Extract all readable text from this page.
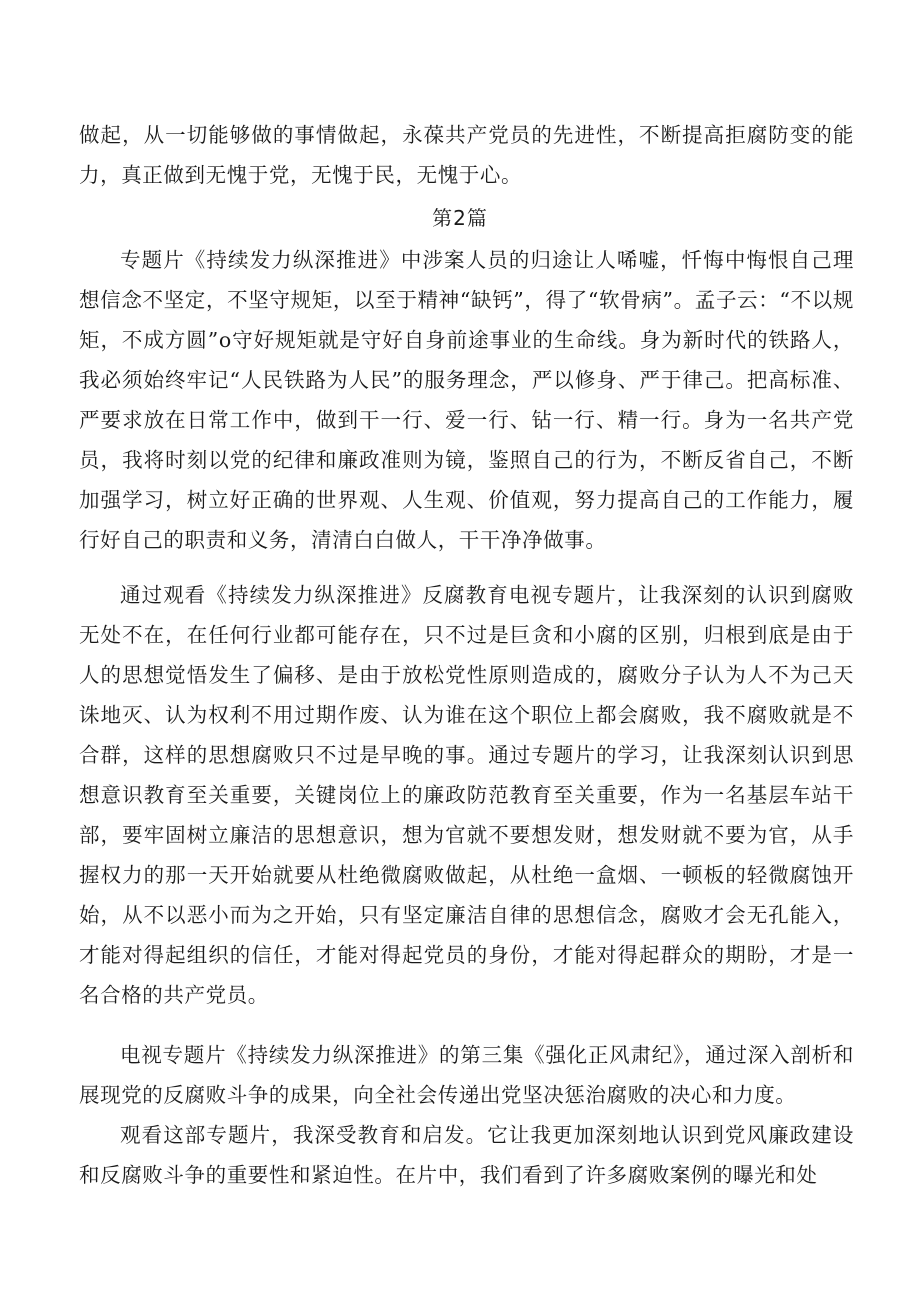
做起，从一切能够做的事情做起，永葆共产党员的先进性，不断提高拒腐防变的能力，真正做到无愧于党，无愧于民，无愧于心。

第2篇

专题片《持续发力纵深推进》中涉案人员的归途让人唏嘘，忏悔中悔恨自己理想信念不坚定，不坚守规矩，以至于精神“缺钙”，得了“软骨病”。孟子云：“不以规矩，不成方圆”o守好规矩就是守好自身前途事业的生命线。身为新时代的铁路人，我必须始终牢记“人民铁路为人民”的服务理念，严以修身、严于律己。把高标准、严要求放在日常工作中，做到干一行、爱一行、钻一行、精一行。身为一名共产党员，我将时刻以党的纪律和廉政准则为镜，鉴照自己的行为，不断反省自己，不断加强学习，树立好正确的世界观、人生观、价值观，努力提高自己的工作能力，履行好自己的职责和义务，清清白白做人，干干净净做事。

通过观看《持续发力纵深推进》反腐教育电视专题片，让我深刻的认识到腐败无处不在，在任何行业都可能存在，只不过是巨贪和小腐的区别，归根到底是由于人的思想觉悟发生了偏移、是由于放松党性原则造成的，腐败分子认为人不为己天诛地灭、认为权利不用过期作废、认为谁在这个职位上都会腐败，我不腐败就是不合群，这样的思想腐败只不过是早晚的事。通过专题片的学习，让我深刻认识到思想意识教育至关重要，关键岗位上的廉政防范教育至关重要，作为一名基层车站干部，要牢固树立廉洁的思想意识，想为官就不要想发财，想发财就不要为官，从手握权力的那一天开始就要从杜绝微腐败做起，从杜绝一盒烟、一顿板的轻微腐蚀开始，从不以恶小而为之开始，只有坚定廉洁自律的思想信念，腐败才会无孔能入，才能对得起组织的信任，才能对得起党员的身份，才能对得起群众的期盼，才是一名合格的共产党员。

电视专题片《持续发力纵深推进》的第三集《强化正风肃纪》，通过深入剖析和展现党的反腐败斗争的成果，向全社会传递出党坚决惩治腐败的决心和力度。

观看这部专题片，我深受教育和启发。它让我更加深刻地认识到党风廉政建设和反腐败斗争的重要性和紧迫性。在片中，我们看到了许多腐败案例的曝光和处
